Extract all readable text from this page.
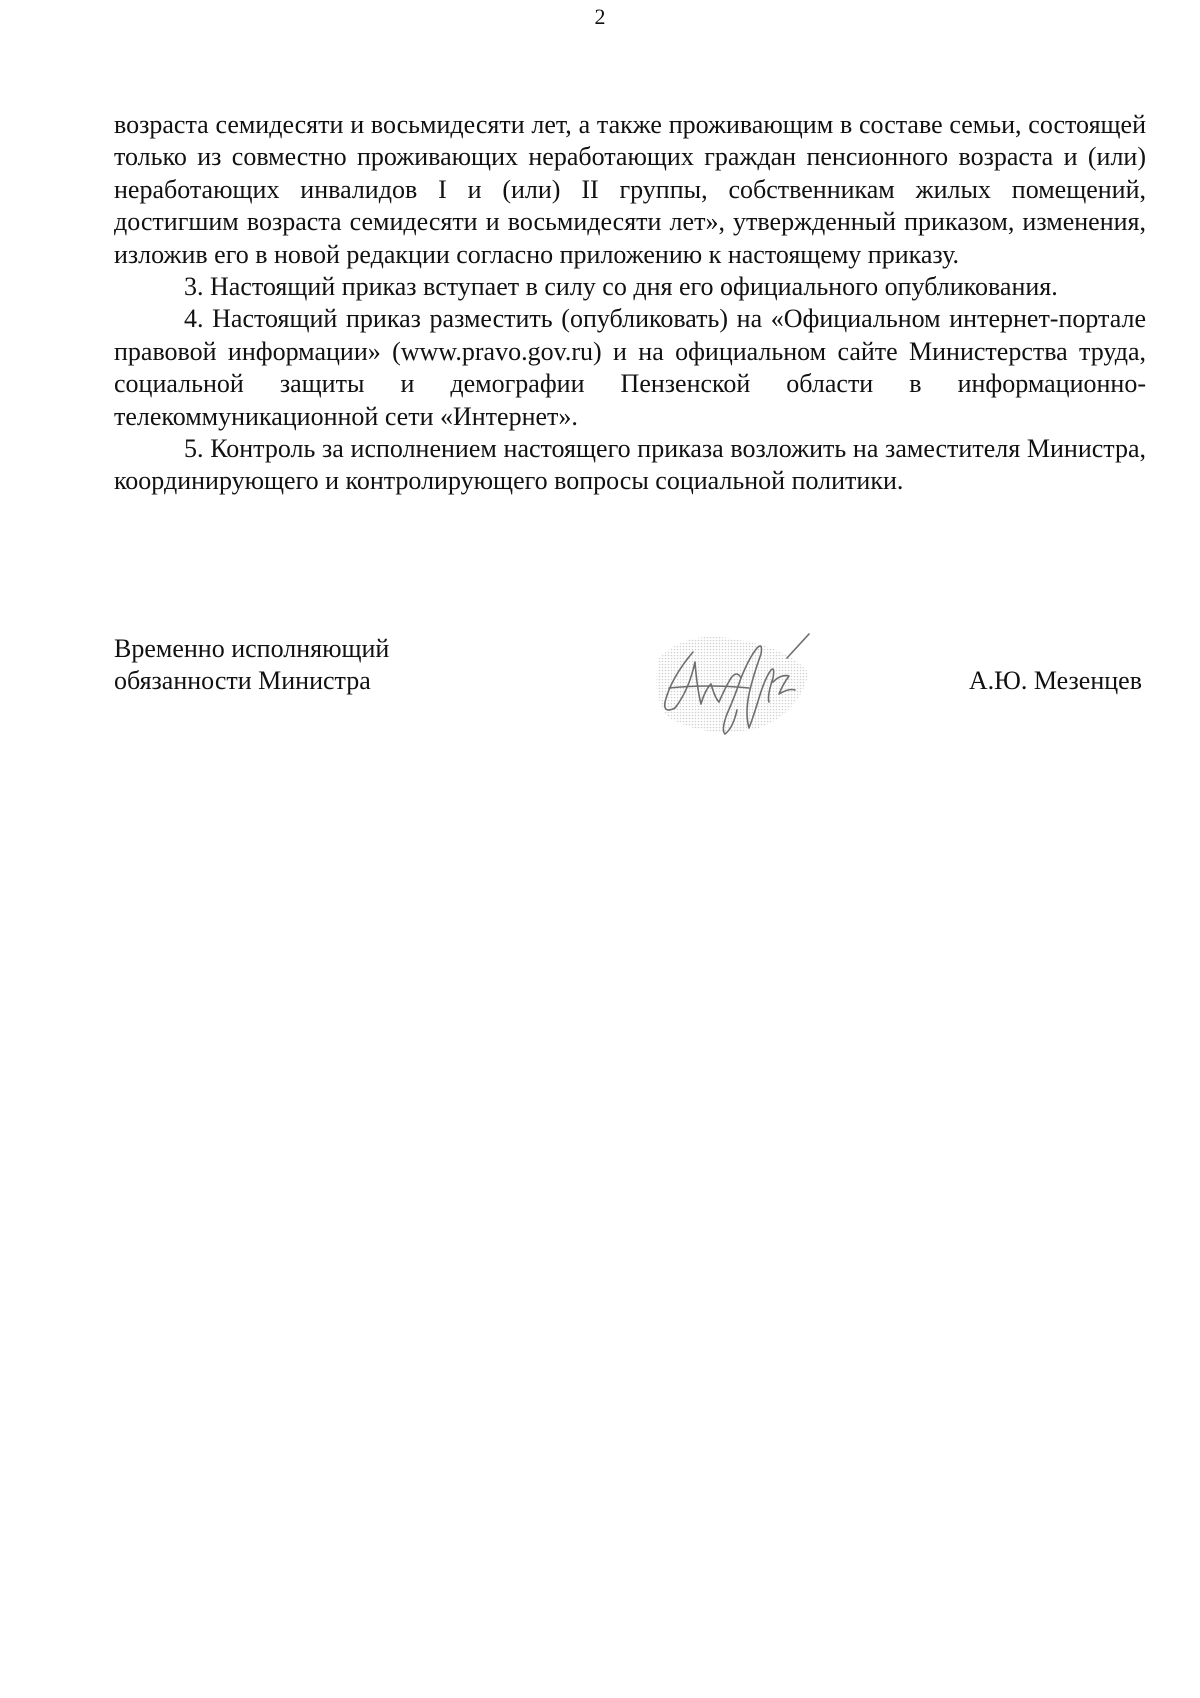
2

возраста семидесяти и восьмидесяти лет, а также проживающим в составе семьи, состоящей только из совместно проживающих неработающих граждан пенсионного возраста и (или) неработающих инвалидов I и (или) II группы, собственникам жилых помещений, достигшим возраста семидесяти и восьмидесяти лет», утвержденный приказом, изменения, изложив его в новой редакции согласно приложению к настоящему приказу.

3. Настоящий приказ вступает в силу со дня его официального опубликования.

4. Настоящий приказ разместить (опубликовать) на «Официальном интернет-портале правовой информации» (www.pravo.gov.ru) и на официальном сайте Министерства труда, социальной защиты и демографии Пензенской области в информационно-телекоммуникационной сети «Интернет».

5. Контроль за исполнением настоящего приказа возложить на заместителя Министра, координирующего и контролирующего вопросы социальной политики.

Временно исполняющий
обязанности Министра	А.Ю. Мезенцев
